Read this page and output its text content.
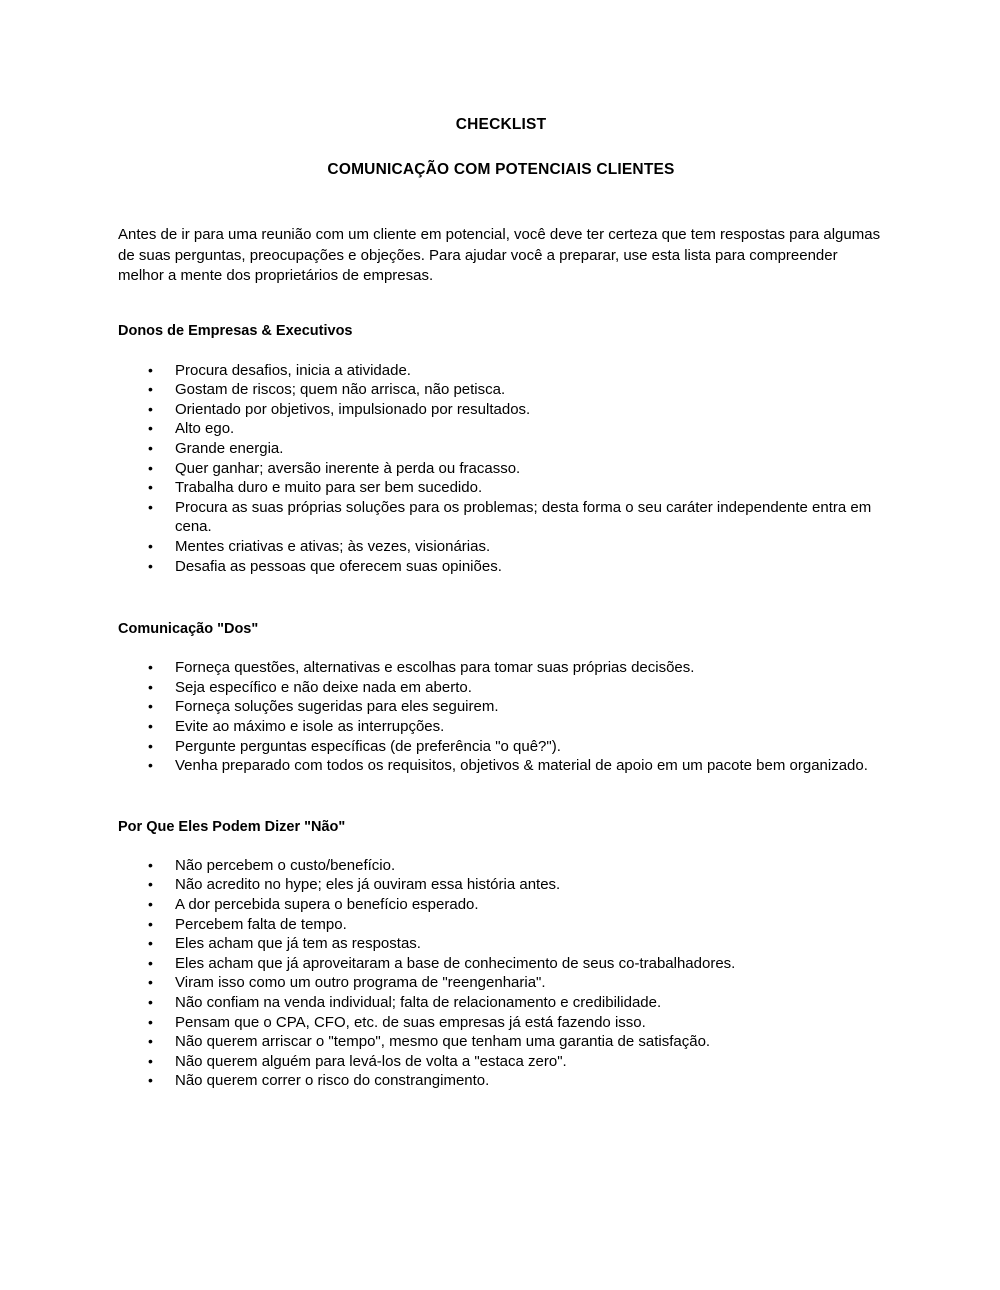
CHECKLIST
COMUNICAÇÃO COM POTENCIAIS CLIENTES

Antes de ir para uma reunião com um cliente em potencial, você deve ter certeza que tem respostas para algumas de suas perguntas, preocupações e objeções. Para ajudar você a preparar, use esta lista para compreender melhor a mente dos proprietários de empresas.

Donos de Empresas & Executivos
• Procura desafios, inicia a atividade.
• Gostam de riscos; quem não arrisca, não petisca.
• Orientado por objetivos, impulsionado por resultados.
• Alto ego.
• Grande energia.
• Quer ganhar; aversão inerente à perda ou fracasso.
• Trabalha duro e muito para ser bem sucedido.
• Procura as suas próprias soluções para os problemas; desta forma o seu caráter independente entra em cena.
• Mentes criativas e ativas; às vezes, visionárias.
• Desafia as pessoas que oferecem suas opiniões.
Comunicação "Dos"
• Forneça questões, alternativas e escolhas para tomar suas próprias decisões.
• Seja específico e não deixe nada em aberto.
• Forneça soluções sugeridas para eles seguirem.
• Evite ao máximo e isole as interrupções.
• Pergunte perguntas específicas (de preferência "o quê?").
• Venha preparado com todos os requisitos, objetivos & material de apoio em um pacote bem organizado.
Por Que Eles Podem Dizer "Não"
• Não percebem o custo/benefício.
• Não acredito no hype; eles já ouviram essa história antes.
• A dor percebida supera o benefício esperado.
• Percebem falta de tempo.
• Eles acham que já tem as respostas.
• Eles acham que já aproveitaram a base de conhecimento de seus co-trabalhadores.
• Viram isso como um outro programa de "reengenharia".
• Não confiam na venda individual; falta de relacionamento e credibilidade.
• Pensam que o CPA, CFO, etc. de suas empresas já está fazendo isso.
• Não querem arriscar o "tempo", mesmo que tenham uma garantia de satisfação.
• Não querem alguém para levá-los de volta a "estaca zero".
• Não querem correr o risco do constrangimento.
